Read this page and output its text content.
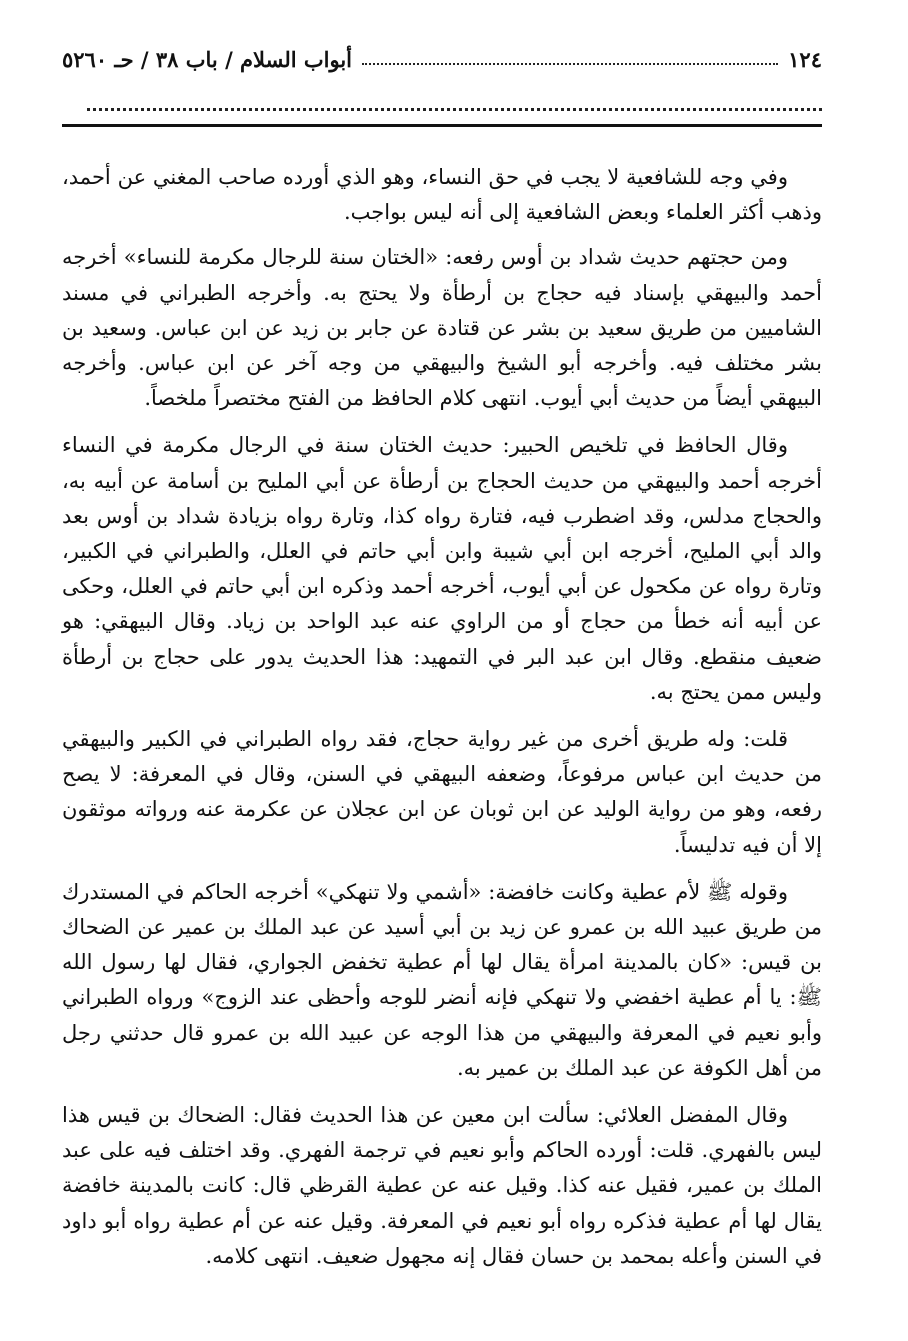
١٢٤
أبواب السلام / باب ٣٨ / حـ ٥٢٦٠

وفي وجه للشافعية لا يجب في حق النساء، وهو الذي أورده صاحب المغني عن أحمد، وذهب أكثر العلماء وبعض الشافعية إلى أنه ليس بواجب.

ومن حجتهم حديث شداد بن أوس رفعه: «الختان سنة للرجال مكرمة للنساء» أخرجه أحمد والبيهقي بإسناد فيه حجاج بن أرطأة ولا يحتج به. وأخرجه الطبراني في مسند الشاميين من طريق سعيد بن بشر عن قتادة عن جابر بن زيد عن ابن عباس. وسعيد بن بشر مختلف فيه. وأخرجه أبو الشيخ والبيهقي من وجه آخر عن ابن عباس. وأخرجه البيهقي أيضاً من حديث أبي أيوب. انتهى كلام الحافظ من الفتح مختصراً ملخصاً.

وقال الحافظ في تلخيص الحبير: حديث الختان سنة في الرجال مكرمة في النساء أخرجه أحمد والبيهقي من حديث الحجاج بن أرطأة عن أبي المليح بن أسامة عن أبيه به، والحجاج مدلس، وقد اضطرب فيه، فتارة رواه كذا، وتارة رواه بزيادة شداد بن أوس بعد والد أبي المليح، أخرجه ابن أبي شيبة وابن أبي حاتم في العلل، والطبراني في الكبير، وتارة رواه عن مكحول عن أبي أيوب، أخرجه أحمد وذكره ابن أبي حاتم في العلل، وحكى عن أبيه أنه خطأ من حجاج أو من الراوي عنه عبد الواحد بن زياد. وقال البيهقي: هو ضعيف منقطع. وقال ابن عبد البر في التمهيد: هذا الحديث يدور على حجاج بن أرطأة وليس ممن يحتج به.

قلت: وله طريق أخرى من غير رواية حجاج، فقد رواه الطبراني في الكبير والبيهقي من حديث ابن عباس مرفوعاً، وضعفه البيهقي في السنن، وقال في المعرفة: لا يصح رفعه، وهو من رواية الوليد عن ابن ثوبان عن ابن عجلان عن عكرمة عنه ورواته موثقون إلا أن فيه تدليساً.

وقوله ﷺ لأم عطية وكانت خافضة: «أشمي ولا تنهكي» أخرجه الحاكم في المستدرك من طريق عبيد الله بن عمرو عن زيد بن أبي أسيد عن عبد الملك بن عمير عن الضحاك بن قيس: «كان بالمدينة امرأة يقال لها أم عطية تخفض الجواري، فقال لها رسول الله ﷺ: يا أم عطية اخفضي ولا تنهكي فإنه أنضر للوجه وأحظى عند الزوج» ورواه الطبراني وأبو نعيم في المعرفة والبيهقي من هذا الوجه عن عبيد الله بن عمرو قال حدثني رجل من أهل الكوفة عن عبد الملك بن عمير به.

وقال المفضل العلائي: سألت ابن معين عن هذا الحديث فقال: الضحاك بن قيس هذا ليس بالفهري. قلت: أورده الحاكم وأبو نعيم في ترجمة الفهري. وقد اختلف فيه على عبد الملك بن عمير، فقيل عنه كذا. وقيل عنه عن عطية القرظي قال: كانت بالمدينة خافضة يقال لها أم عطية فذكره رواه أبو نعيم في المعرفة. وقيل عنه عن أم عطية رواه أبو داود في السنن وأعله بمحمد بن حسان فقال إنه مجهول ضعيف. انتهى كلامه.
